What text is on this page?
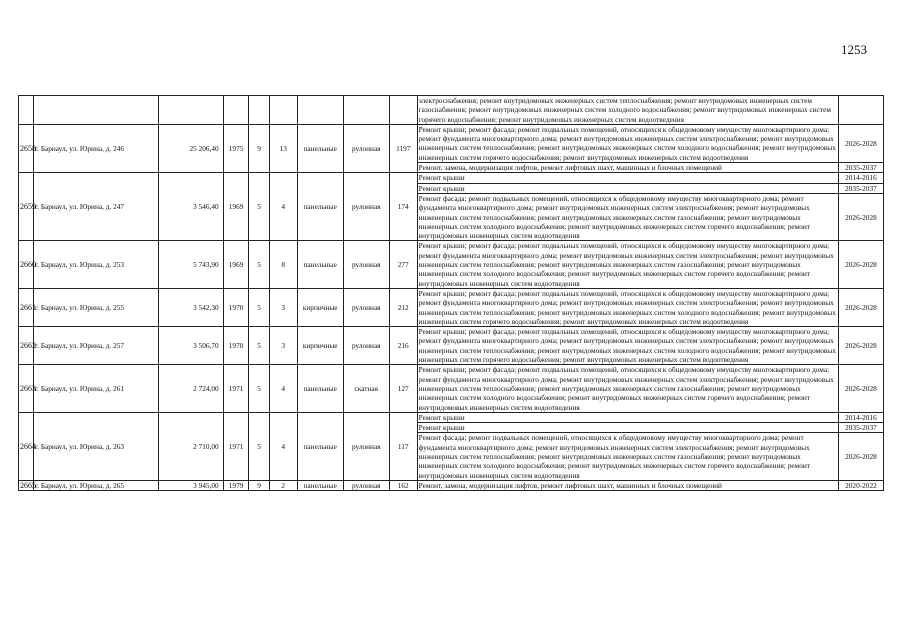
1253
									электроснабжения; ремонт внутридомовых инженерных систем теплоснабжения; ремонт внутридомовых инженерных систем газоснабжения; ремонт внутридомовых инженерных систем холодного водоснабжения; ремонт внутридомовых инженерных систем горячего водоснабжения; ремонт внутридомовых инженерных систем водоотведения	
2658	г. Барнаул, ул. Юрина, д. 246	25 206,40	1975	9	13	панельные	рулонная	1197	Ремонт крыши; ремонт фасада; ремонт подвальных помещений, относящихся к общедомовому имуществу многоквартирного дома; ремонт фундамента многоквартирного дома; ремонт внутридомовых инженерных систем электроснабжения; ремонт внутридомовых инженерных систем теплоснабжения; ремонт внутридомовых инженерных систем холодного водоснабжения; ремонт внутридомовых инженерных систем горячего водоснабжения; ремонт внутридомовых инженерных систем водоотведения	2026-2028
									Ремонт, замена, модернизация лифтов, ремонт лифтовых шахт, машинных и блочных помещений	2035-2037
2659	г. Барнаул, ул. Юрина, д. 247	3 546,40	1969	5	4	панельные	рулонная	174	Ремонт крыши	2014-2016
									Ремонт крыши	2035-2037
									Ремонт фасада; ремонт подвальных помещений, относящихся к общедомовому имуществу многоквартирного дома; ремонт фундамента многоквартирного дома; ремонт внутридомовых инженерных систем электроснабжения; ремонт внутридомовых инженерных систем теплоснабжения; ремонт внутридомовых инженерных систем газоснабжения; ремонт внутридомовых инженерных систем холодного водоснабжения; ремонт внутридомовых инженерных систем горячего водоснабжения; ремонт внутридомовых инженерных систем водоотведения	2026-2028
2660	г. Барнаул, ул. Юрина, д. 253	5 743,90	1969	5	8	панельные	рулонная	277	Ремонт крыши; ремонт фасада; ремонт подвальных помещений, относящихся к общедомовому имуществу многоквартирного дома; ремонт фундамента многоквартирного дома; ремонт внутридомовых инженерных систем электроснабжения; ремонт внутридомовых инженерных систем теплоснабжения; ремонт внутридомовых инженерных систем газоснабжения; ремонт внутридомовых инженерных систем холодного водоснабжения; ремонт внутридомовых инженерных систем горячего водоснабжения; ремонт внутридомовых инженерных систем водоотведения	2026-2028
2661	г. Барнаул, ул. Юрина, д. 255	3 542,30	1970	5	3	кирпичные	рулонная	212	Ремонт крыши; ремонт фасада; ремонт подвальных помещений, относящихся к общедомовому имуществу многоквартирного дома; ремонт фундамента многоквартирного дома; ремонт внутридомовых инженерных систем электроснабжения; ремонт внутридомовых инженерных систем теплоснабжения; ремонт внутридомовых инженерных систем холодного водоснабжения; ремонт внутридомовых инженерных систем горячего водоснабжения; ремонт внутридомовых инженерных систем водоотведения	2026-2028
2662	г. Барнаул, ул. Юрина, д. 257	3 506,70	1970	5	3	кирпичные	рулонная	216	Ремонт крыши; ремонт фасада; ремонт подвальных помещений, относящихся к общедомовому имуществу многоквартирного дома; ремонт фундамента многоквартирного дома; ремонт внутридомовых инженерных систем электроснабжения; ремонт внутридомовых инженерных систем теплоснабжения; ремонт внутридомовых инженерных систем холодного водоснабжения; ремонт внутридомовых инженерных систем горячего водоснабжения; ремонт внутридомовых инженерных систем водоотведения	2026-2028
2663	г. Барнаул, ул. Юрина, д. 261	2 724,00	1971	5	4	панельные	скатная	127	Ремонт крыши; ремонт фасада; ремонт подвальных помещений, относящихся к общедомовому имуществу многоквартирного дома; ремонт фундамента многоквартирного дома; ремонт внутридомовых инженерных систем электроснабжения; ремонт внутридомовых инженерных систем теплоснабжения; ремонт внутридомовых инженерных систем газоснабжения; ремонт внутридомовых инженерных систем холодного водоснабжения; ремонт внутридомовых инженерных систем горячего водоснабжения; ремонт внутридомовых инженерных систем водоотведения	2026-2028
2664	г. Барнаул, ул. Юрина, д. 263	2 710,00	1971	5	4	панельные	рулонная	117	Ремонт крыши	2014-2016
									Ремонт крыши	2035-2037
									Ремонт фасада; ремонт подвальных помещений, относящихся к общедомовому имуществу многоквартирного дома; ремонт фундамента многоквартирного дома; ремонт внутридомовых инженерных систем электроснабжения; ремонт внутридомовых инженерных систем теплоснабжения; ремонт внутридомовых инженерных систем газоснабжения; ремонт внутридомовых инженерных систем холодного водоснабжения; ремонт внутридомовых инженерных систем горячего водоснабжения; ремонт внутридомовых инженерных систем водоотведения	2026-2028
2665	г. Барнаул, ул. Юрина, д. 265	3 945,00	1979	9	2	панельные	рулонная	162	Ремонт, замена, модернизация лифтов, ремонт лифтовых шахт, машинных и блочных помещений	2020-2022
